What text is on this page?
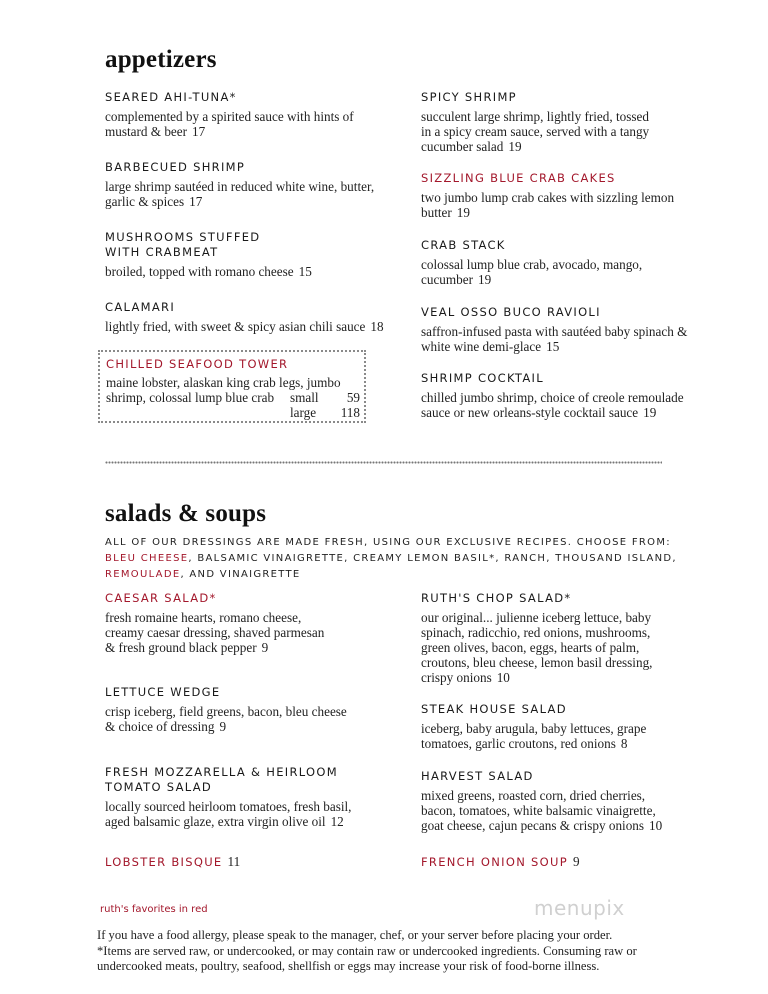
appetizers
SEARED AHI-TUNA*
complemented by a spirited sauce with hints of
mustard & beer 17
BARBECUED SHRIMP
large shrimp sautéed in reduced white wine, butter,
garlic & spices 17
MUSHROOMS STUFFED
WITH CRABMEAT
broiled, topped with romano cheese 15
CALAMARI
lightly fried, with sweet & spicy asian chili sauce 18
CHILLED SEAFOOD TOWER
maine lobster, alaskan king crab legs, jumbo
shrimp, colossal lump blue crab small 59
large 118
SPICY SHRIMP
succulent large shrimp, lightly fried, tossed
in a spicy cream sauce, served with a tangy
cucumber salad 19
SIZZLING BLUE CRAB CAKES
two jumbo lump crab cakes with sizzling lemon
butter 19
CRAB STACK
colossal lump blue crab, avocado, mango,
cucumber 19
VEAL OSSO BUCO RAVIOLI
saffron-infused pasta with sautéed baby spinach &
white wine demi-glace 15
SHRIMP COCKTAIL
chilled jumbo shrimp, choice of creole remoulade
sauce or new orleans-style cocktail sauce 19
salads & soups
ALL OF OUR DRESSINGS ARE MADE FRESH, USING OUR EXCLUSIVE RECIPES. CHOOSE FROM:
BLEU CHEESE, BALSAMIC VINAIGRETTE, CREAMY LEMON BASIL*, RANCH, THOUSAND ISLAND,
REMOULADE, AND VINAIGRETTE
CAESAR SALAD*
fresh romaine hearts, romano cheese,
creamy caesar dressing, shaved parmesan
& fresh ground black pepper 9
LETTUCE WEDGE
crisp iceberg, field greens, bacon, bleu cheese
& choice of dressing 9
FRESH MOZZARELLA & HEIRLOOM
TOMATO SALAD
locally sourced heirloom tomatoes, fresh basil,
aged balsamic glaze, extra virgin olive oil 12
LOBSTER BISQUE 11
RUTH'S CHOP SALAD*
our original... julienne iceberg lettuce, baby
spinach, radicchio, red onions, mushrooms,
green olives, bacon, eggs, hearts of palm,
croutons, bleu cheese, lemon basil dressing,
crispy onions 10
STEAK HOUSE SALAD
iceberg, baby arugula, baby lettuces, grape
tomatoes, garlic croutons, red onions 8
HARVEST SALAD
mixed greens, roasted corn, dried cherries,
bacon, tomatoes, white balsamic vinaigrette,
goat cheese, cajun pecans & crispy onions 10
FRENCH ONION SOUP 9
menupix
ruth's favorites in red
If you have a food allergy, please speak to the manager, chef, or your server before placing your order.
*Items are served raw, or undercooked, or may contain raw or undercooked ingredients. Consuming raw or
undercooked meats, poultry, seafood, shellfish or eggs may increase your risk of food-borne illness.
